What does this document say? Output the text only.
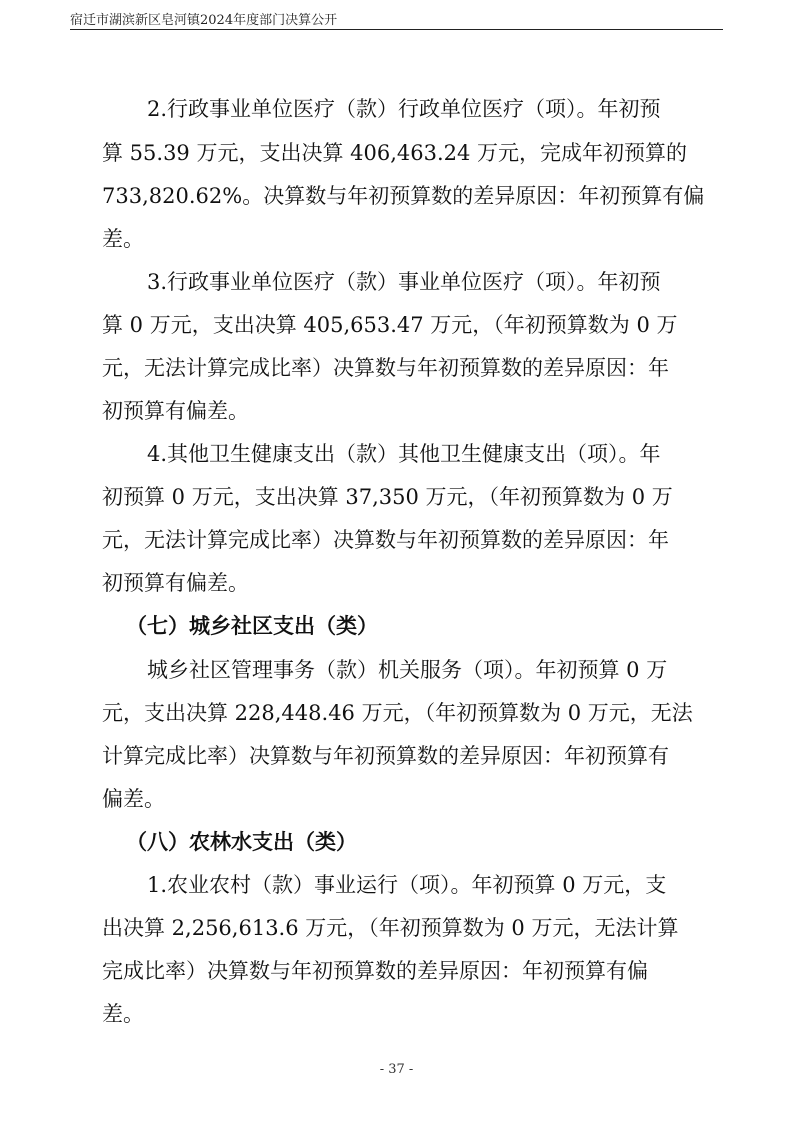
宿迁市湖滨新区皂河镇2024年度部门决算公开
2.行政事业单位医疗（款）行政单位医疗（项）。年初预
算 55.39 万元，支出决算 406,463.24 万元，完成年初预算的
733,820.62%。决算数与年初预算数的差异原因：年初预算有偏
差。
3.行政事业单位医疗（款）事业单位医疗（项）。年初预
算 0 万元，支出决算 405,653.47 万元，（年初预算数为 0 万
元，无法计算完成比率）决算数与年初预算数的差异原因：年
初预算有偏差。
4.其他卫生健康支出（款）其他卫生健康支出（项）。年
初预算 0 万元，支出决算 37,350 万元，（年初预算数为 0 万
元，无法计算完成比率）决算数与年初预算数的差异原因：年
初预算有偏差。
（七）城乡社区支出（类）
城乡社区管理事务（款）机关服务（项）。年初预算 0 万
元，支出决算 228,448.46 万元，（年初预算数为 0 万元，无法
计算完成比率）决算数与年初预算数的差异原因：年初预算有
偏差。
（八）农林水支出（类）
1.农业农村（款）事业运行（项）。年初预算 0 万元，支
出决算 2,256,613.6 万元，（年初预算数为 0 万元，无法计算
完成比率）决算数与年初预算数的差异原因：年初预算有偏
差。
- 37 -
